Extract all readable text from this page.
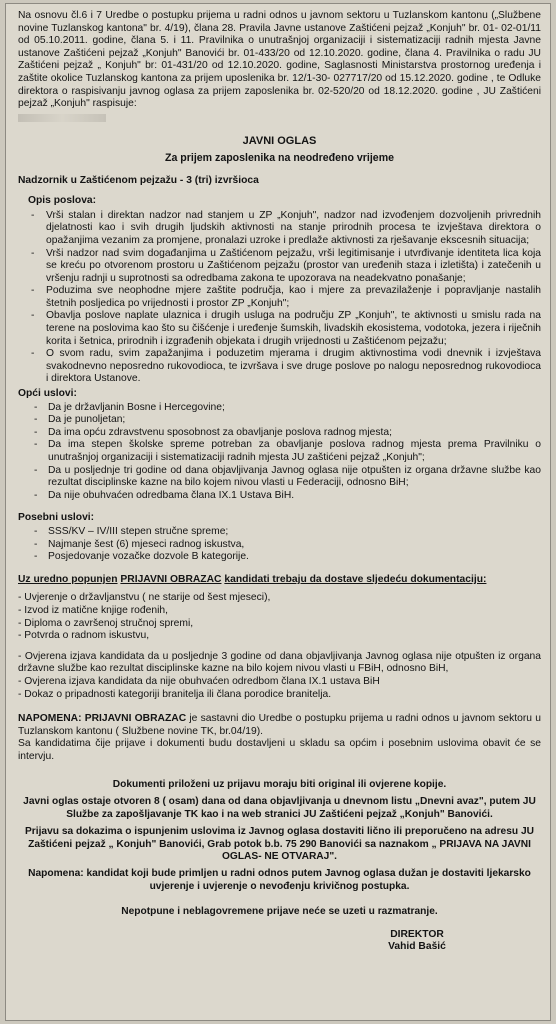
Na osnovu čl.6 i 7 Uredbe o postupku prijema u radni odnos u javnom sektoru u Tuzlanskom kantonu („Službene novine Tuzlanskog kantona" br. 4/19), člana 28. Pravila Javne ustanove Zaštićeni pejzaž „Konjuh" br. 01- 02-01/11 od 05.10.2011. godine, člana 5. i 11. Pravilnika o unutrašnjoj organizaciji i sistematizaciji radnih mjesta Javne ustanove Zaštićeni pejzaž „Konjuh" Banovići br. 01-433/20 od 12.10.2020. godine, člana 4. Pravilnika o radu JU Zaštićeni pejzaž „ Konjuh" br: 01-431/20 od 12.10.2020. godine, Saglasnosti Ministarstva prostornog uređenja i zaštite okolice Tuzlanskog kantona za prijem uposlenika br. 12/1-30- 027717/20 od 15.12.2020. godine , te Odluke direktora o raspisivanju javnog oglasa za prijem zaposlenika br. 02-520/20 od 18.12.2020. godine , JU Zaštićeni pejzaž „Konjuh" raspisuje:
JAVNI OGLAS
Za prijem zaposlenika na neodređeno vrijeme
Nadzornik u Zaštićenom pejzažu - 3 (tri) izvršioca
Opis poslova:
- Vrši stalan i direktan nadzor nad stanjem u ZP „Konjuh", nadzor nad izvođenjem dozvoljenih privrednih djelatnosti kao i svih drugih ljudskih aktivnosti na stanje prirodnih procesa te izvještava direktora o opažanjima vezanim za promjene, pronalazi uzroke i predlaže aktivnosti za rješavanje ekscesnih situacija;
- Vrši nadzor nad svim događanjima u Zaštićenom pejzažu, vrši legitimisanje i utvrđivanje identiteta lica koja se kreću po otvorenom prostoru u Zaštićenom pejzažu (prostor van uređenih staza i izletišta) i zatečenih u vršenju radnji u suprotnosti sa odredbama zakona te upozorava na neadekvatno ponašanje;
- Poduzima sve neophodne mjere zaštite područja, kao i mjere za prevazilaženje i popravljanje nastalih štetnih posljedica po vrijednosti i prostor ZP „Konjuh";
- Obavlja poslove naplate ulaznica i drugih usluga na području ZP „Konjuh", te aktivnosti u smislu rada na terene na poslovima kao što su čišćenje i uređenje šumskih, livadskih ekosistema, vodotoka, jezera i riječnih korita i šetnica, prirodnih i izgrađenih objekata i drugih vrijednosti u Zaštićenom pejzažu;
- O svom radu, svim zapažanjima i poduzetim mjerama i drugim aktivnostima vodi dnevnik i izvještava svakodnevno neposredno rukovodioca, te izvršava i sve druge poslove po nalogu neposrednog rukovodioca i direktora Ustanove.
Opći uslovi:
- Da je državljanin Bosne i Hercegovine;
- Da je punoljetan;
- Da ima opću zdravstvenu sposobnost za obavljanje poslova radnog mjesta;
- Da ima stepen školske spreme potreban za obavljanje poslova radnog mjesta prema Pravilniku o unutrašnjoj organizaciji i sistematizaciji radnih mjesta JU zaštićeni pejzaž „Konjuh";
- Da u posljednje tri godine od dana objavljivanja Javnog oglasa nije otpušten iz organa državne službe kao rezultat disciplinske kazne na bilo kojem nivou vlasti u Federaciji, odnosno BiH;
- Da nije obuhvaćen odredbama člana IX.1 Ustava BiH.
Posebni uslovi:
- SSS/KV – IV/III stepen stručne spreme;
- Najmanje šest (6) mjeseci radnog iskustva,
- Posjedovanje vozačke dozvole B kategorije.
Uz uredno popunjen PRIJAVNI OBRAZAC kandidati trebaju da dostave sljedeću dokumentaciju:
- Uvjerenje o državljanstvu ( ne starije od šest mjeseci),
- Izvod iz matične knjige rođenih,
- Diploma o završenoj stručnoj spremi,
- Potvrda o radnom iskustvu,
- Ovjerena izjava kandidata da u posljednje 3 godine od dana objavljivanja Javnog oglasa nije otpušten iz organa državne službe kao rezultat disciplinske kazne na bilo kojem nivou vlasti u FBiH, odnosno BiH,
- Ovjerena izjava kandidata da nije obuhvaćen odredbom člana IX.1 ustava BiH
- Dokaz o pripadnosti kategoriji branitelja ili člana porodice branitelja.
NAPOMENA: PRIJAVNI OBRAZAC je sastavni dio Uredbe o postupku prijema u radni odnos u javnom sektoru u Tuzlanskom kantonu ( Službene novine TK, br.04/19).
Sa kandidatima čije prijave i dokumenti budu dostavljeni u skladu sa općim i posebnim uslovima obavit će se intervju.

Dokumenti priloženi uz prijavu moraju biti original ili ovjerene kopije.

Javni oglas ostaje otvoren 8 ( osam) dana od dana objavljivanja u dnevnom listu „Dnevni avaz", putem JU Službe za zapošljavanje TK kao i na web stranici JU Zaštićeni pejzaž „Konjuh" Banovići.

Prijavu sa dokazima o ispunjenim uslovima iz Javnog oglasa dostaviti lično ili preporučeno na adresu JU Zaštićeni pejzaž „ Konjuh" Banovići, Grab potok b.b. 75 290 Banovići sa naznakom „ PRIJAVA NA JAVNI OGLAS- NE OTVARAJ".

Napomena: kandidat koji bude primljen u radni odnos putem Javnog oglasa dužan je dostaviti ljekarsko uvjerenje i uvjerenje o nevođenju krivičnog postupka.

Nepotpune i neblagovremene prijave neće se uzeti u razmatranje.

DIREKTOR
Vahid Bašić
